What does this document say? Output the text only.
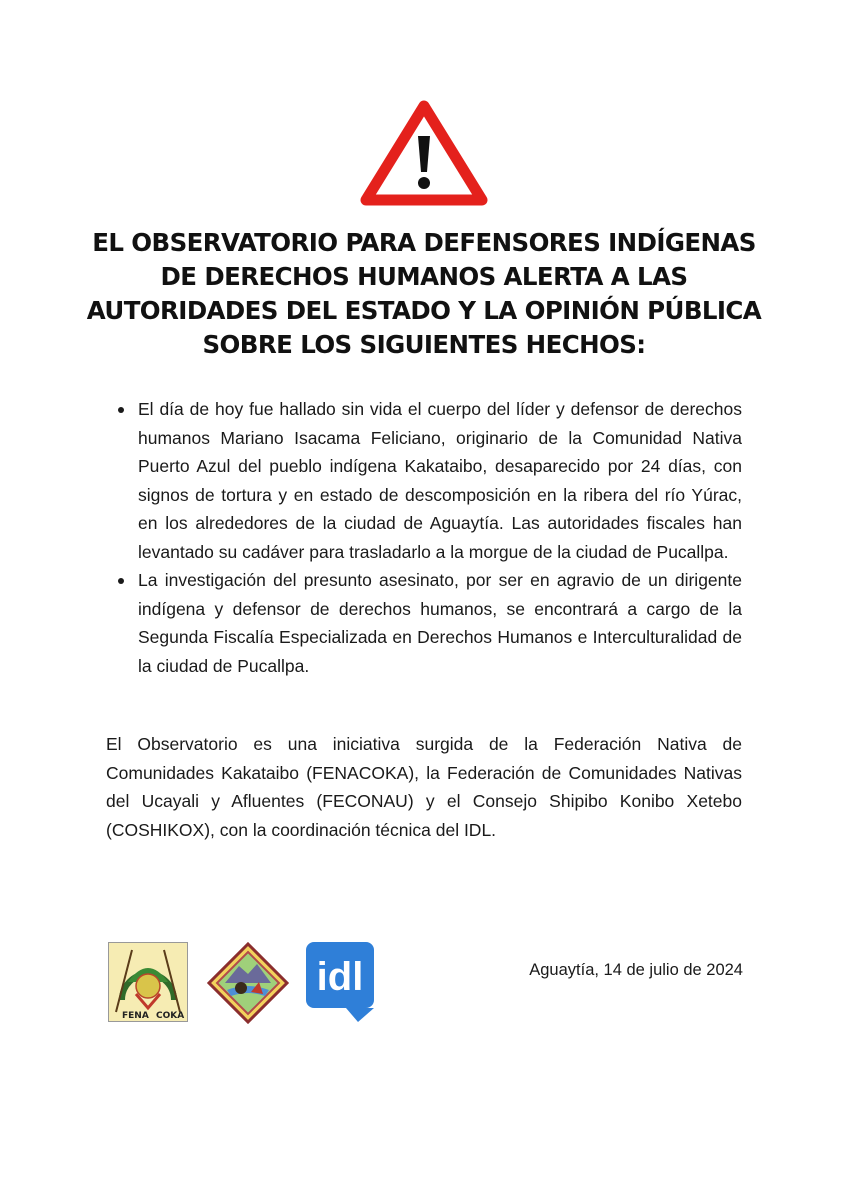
EL OBSERVATORIO PARA DEFENSORES INDÍGENAS
DE DERECHOS HUMANOS ALERTA A LAS
AUTORIDADES DEL ESTADO Y LA OPINIÓN PÚBLICA
SOBRE LOS SIGUIENTES HECHOS:
El día de hoy fue hallado sin vida el cuerpo del líder y defensor de derechos humanos Mariano Isacama Feliciano, originario de la Comunidad Nativa Puerto Azul del pueblo indígena Kakataibo, desaparecido por 24 días, con signos de tortura y en estado de descomposición en la ribera del río Yúrac, en los alrededores de la ciudad de Aguaytía. Las autoridades fiscales han levantado su cadáver para trasladarlo a la morgue de la ciudad de Pucallpa.
La investigación del presunto asesinato, por ser en agravio de un dirigente indígena y defensor de derechos humanos, se encontrará a cargo de la Segunda Fiscalía Especializada en Derechos Humanos e Interculturalidad de la ciudad de Pucallpa.

El Observatorio es una iniciativa surgida de la Federación Nativa de Comunidades Kakataibo (FENACOKA), la Federación de Comunidades Nativas del Ucayali y Afluentes (FECONAU) y el Consejo Shipibo Konibo Xetebo (COSHIKOX), con la coordinación técnica del IDL.

FENA COKA
idl	Aguaytía, 14 de julio de 2024
